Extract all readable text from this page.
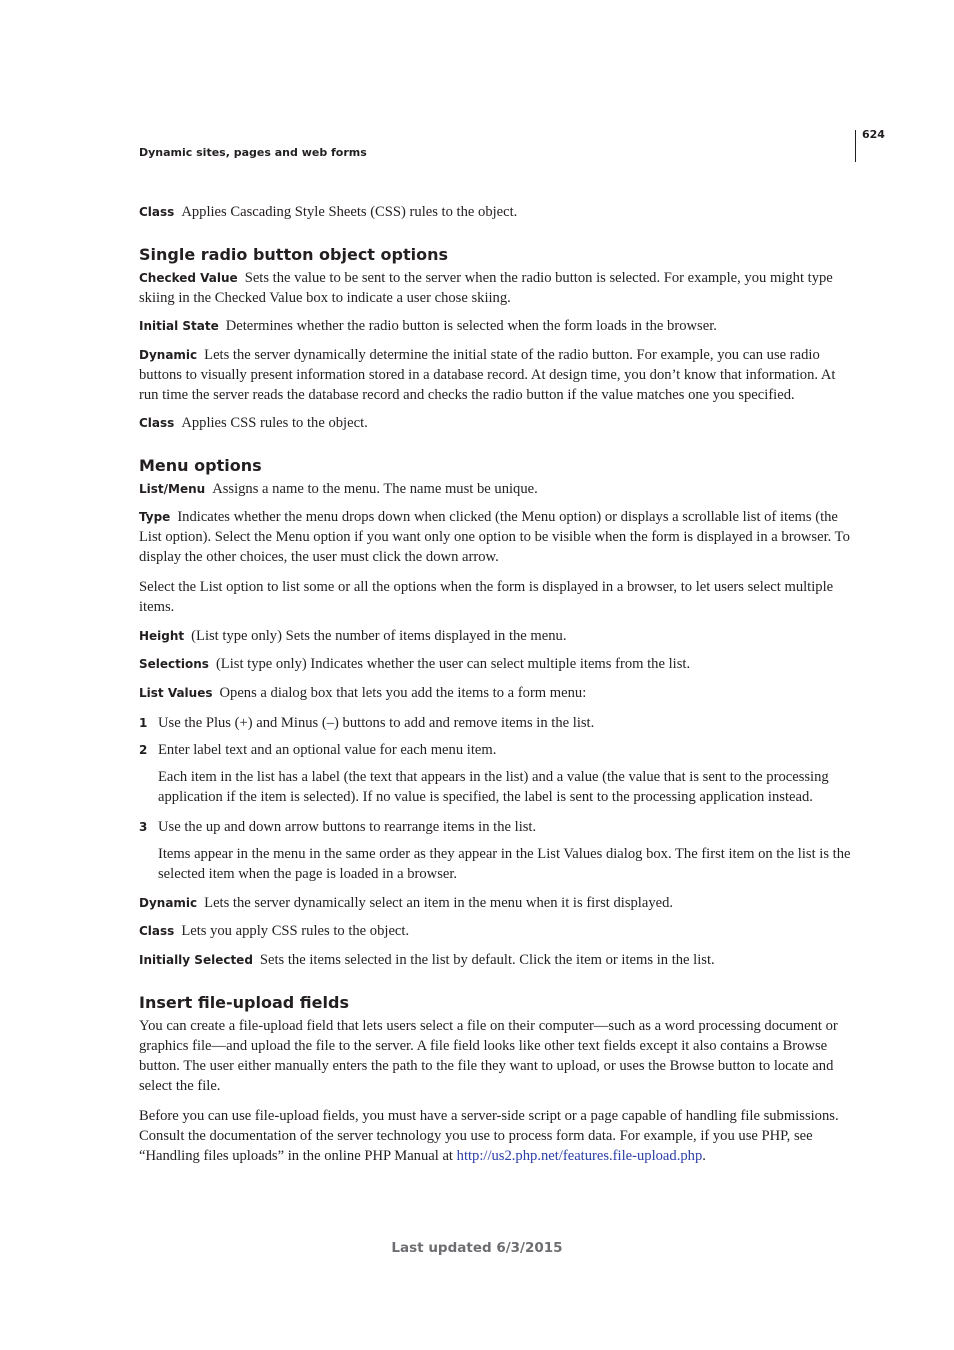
Dynamic sites, pages and web forms
624

Class Applies Cascading Style Sheets (CSS) rules to the object.

Single radio button object options

Checked Value Sets the value to be sent to the server when the radio button is selected. For example, you might type skiing in the Checked Value box to indicate a user chose skiing.

Initial State Determines whether the radio button is selected when the form loads in the browser.

Dynamic Lets the server dynamically determine the initial state of the radio button. For example, you can use radio buttons to visually present information stored in a database record. At design time, you don’t know that information. At run time the server reads the database record and checks the radio button if the value matches one you specified.

Class Applies CSS rules to the object.

Menu options

List/Menu Assigns a name to the menu. The name must be unique.

Type Indicates whether the menu drops down when clicked (the Menu option) or displays a scrollable list of items (the List option). Select the Menu option if you want only one option to be visible when the form is displayed in a browser. To display the other choices, the user must click the down arrow.

Select the List option to list some or all the options when the form is displayed in a browser, to let users select multiple items.

Height (List type only) Sets the number of items displayed in the menu.

Selections (List type only) Indicates whether the user can select multiple items from the list.

List Values Opens a dialog box that lets you add the items to a form menu:

1 Use the Plus (+) and Minus (–) buttons to add and remove items in the list.
2 Enter label text and an optional value for each menu item.

Each item in the list has a label (the text that appears in the list) and a value (the value that is sent to the processing application if the item is selected). If no value is specified, the label is sent to the processing application instead.

3 Use the up and down arrow buttons to rearrange items in the list.

Items appear in the menu in the same order as they appear in the List Values dialog box. The first item on the list is the selected item when the page is loaded in a browser.

Dynamic Lets the server dynamically select an item in the menu when it is first displayed.

Class Lets you apply CSS rules to the object.

Initially Selected Sets the items selected in the list by default. Click the item or items in the list.

Insert file-upload fields

You can create a file-upload field that lets users select a file on their computer—such as a word processing document or graphics file—and upload the file to the server. A file field looks like other text fields except it also contains a Browse button. The user either manually enters the path to the file they want to upload, or uses the Browse button to locate and select the file.

Before you can use file-upload fields, you must have a server-side script or a page capable of handling file submissions. Consult the documentation of the server technology you use to process form data. For example, if you use PHP, see “Handling files uploads” in the online PHP Manual at http://us2.php.net/features.file-upload.php.

Last updated 6/3/2015
